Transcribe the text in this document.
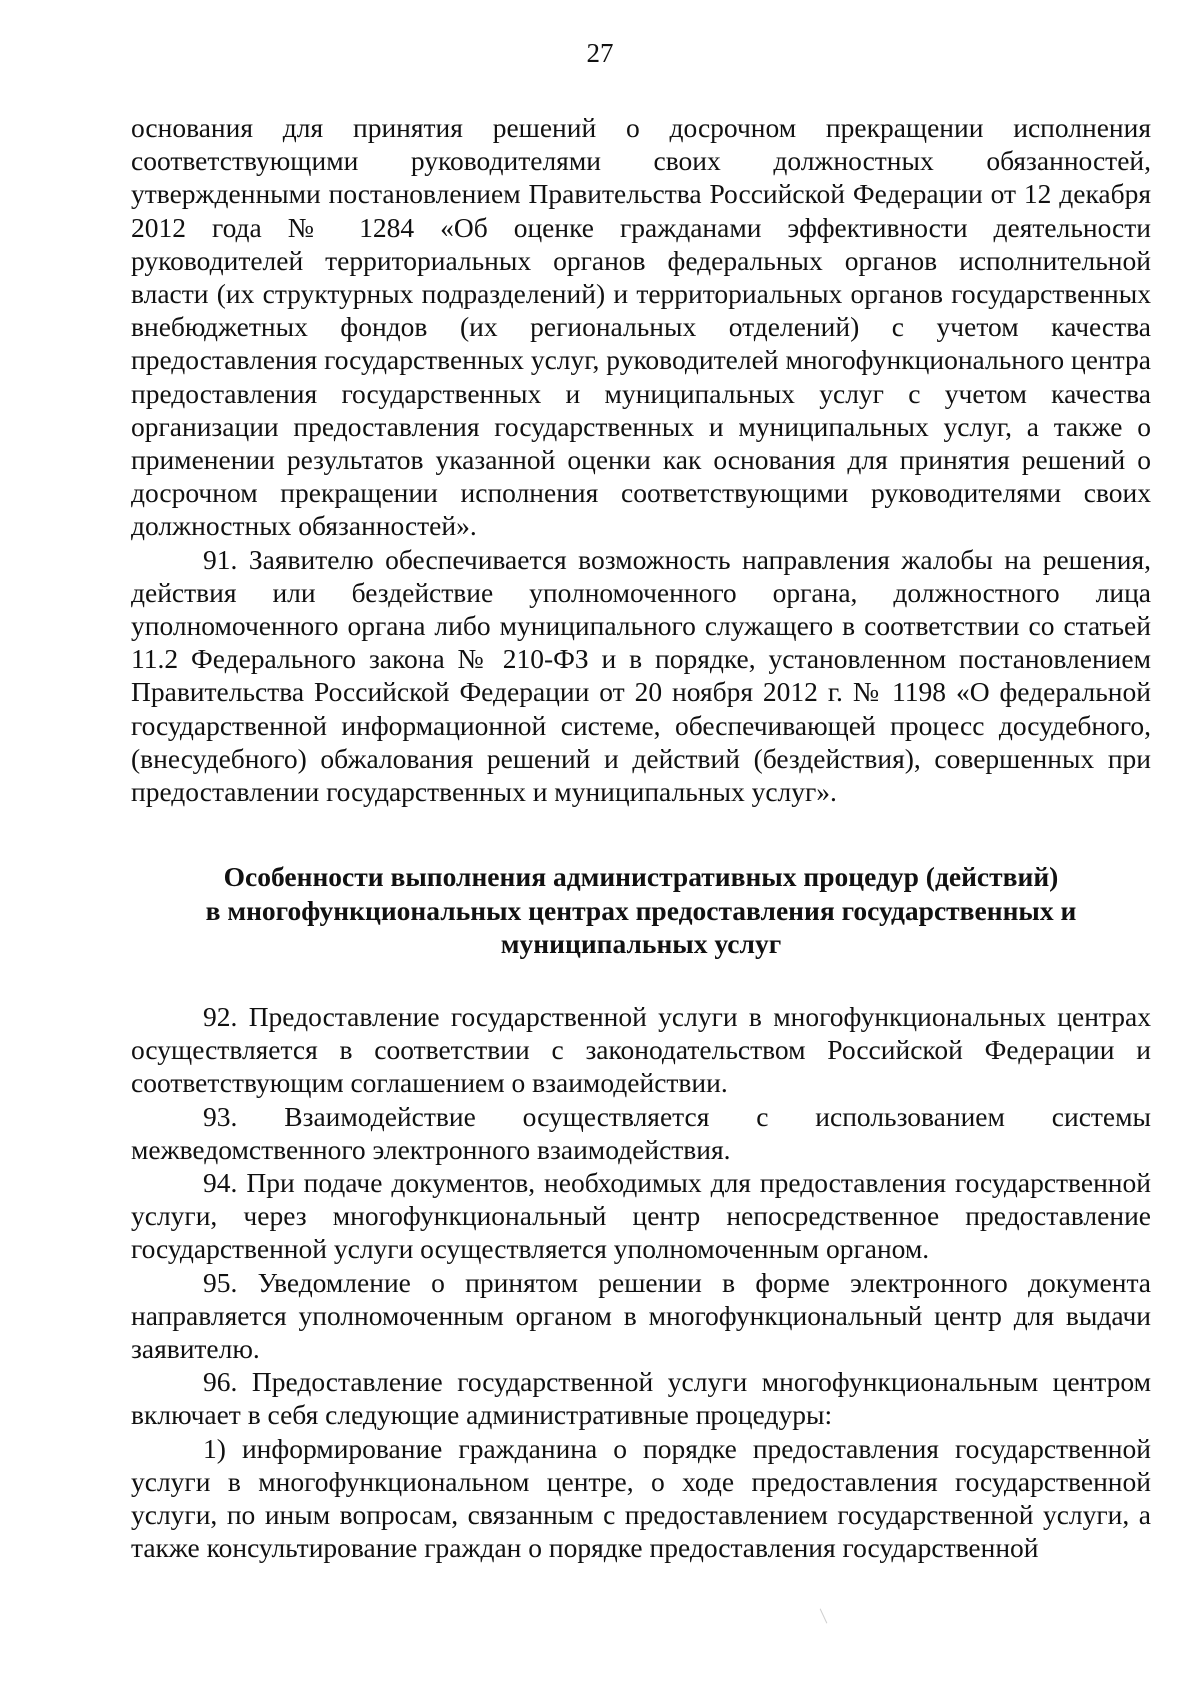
27

основания для принятия решений о досрочном прекращении исполнения соответствующими руководителями своих должностных обязанностей, утвержденными постановлением Правительства Российской Федерации от 12 декабря 2012 года № 1284 «Об оценке гражданами эффективности деятельности руководителей территориальных органов федеральных органов исполнительной власти (их структурных подразделений) и территориальных органов государственных внебюджетных фондов (их региональных отделений) с учетом качества предоставления государственных услуг, руководителей многофункционального центра предоставления государственных и муниципальных услуг с учетом качества организации предоставления государственных и муниципальных услуг, а также о применении результатов указанной оценки как основания для принятия решений о досрочном прекращении исполнения соответствующими руководителями своих должностных обязанностей».

91. Заявителю обеспечивается возможность направления жалобы на решения, действия или бездействие уполномоченного органа, должностного лица уполномоченного органа либо муниципального служащего в соответствии со статьей 11.2 Федерального закона № 210-ФЗ и в порядке, установленном постановлением Правительства Российской Федерации от 20 ноября 2012 г. № 1198 «О федеральной государственной информационной системе, обеспечивающей процесс досудебного, (внесудебного) обжалования решений и действий (бездействия), совершенных при предоставлении государственных и муниципальных услуг».

Особенности выполнения административных процедур (действий)
в многофункциональных центрах предоставления государственных и
муниципальных услуг

92. Предоставление государственной услуги в многофункциональных центрах осуществляется в соответствии с законодательством Российской Федерации и соответствующим соглашением о взаимодействии.

93. Взаимодействие осуществляется с использованием системы межведомственного электронного взаимодействия.

94. При подаче документов, необходимых для предоставления государственной услуги, через многофункциональный центр непосредственное предоставление государственной услуги осуществляется уполномоченным органом.

95. Уведомление о принятом решении в форме электронного документа направляется уполномоченным органом в многофункциональный центр для выдачи заявителю.

96. Предоставление государственной услуги многофункциональным центром включает в себя следующие административные процедуры:

1) информирование гражданина о порядке предоставления государственной услуги в многофункциональном центре, о ходе предоставления государственной услуги, по иным вопросам, связанным с предоставлением государственной услуги, а также консультирование граждан о порядке предоставления государственной
